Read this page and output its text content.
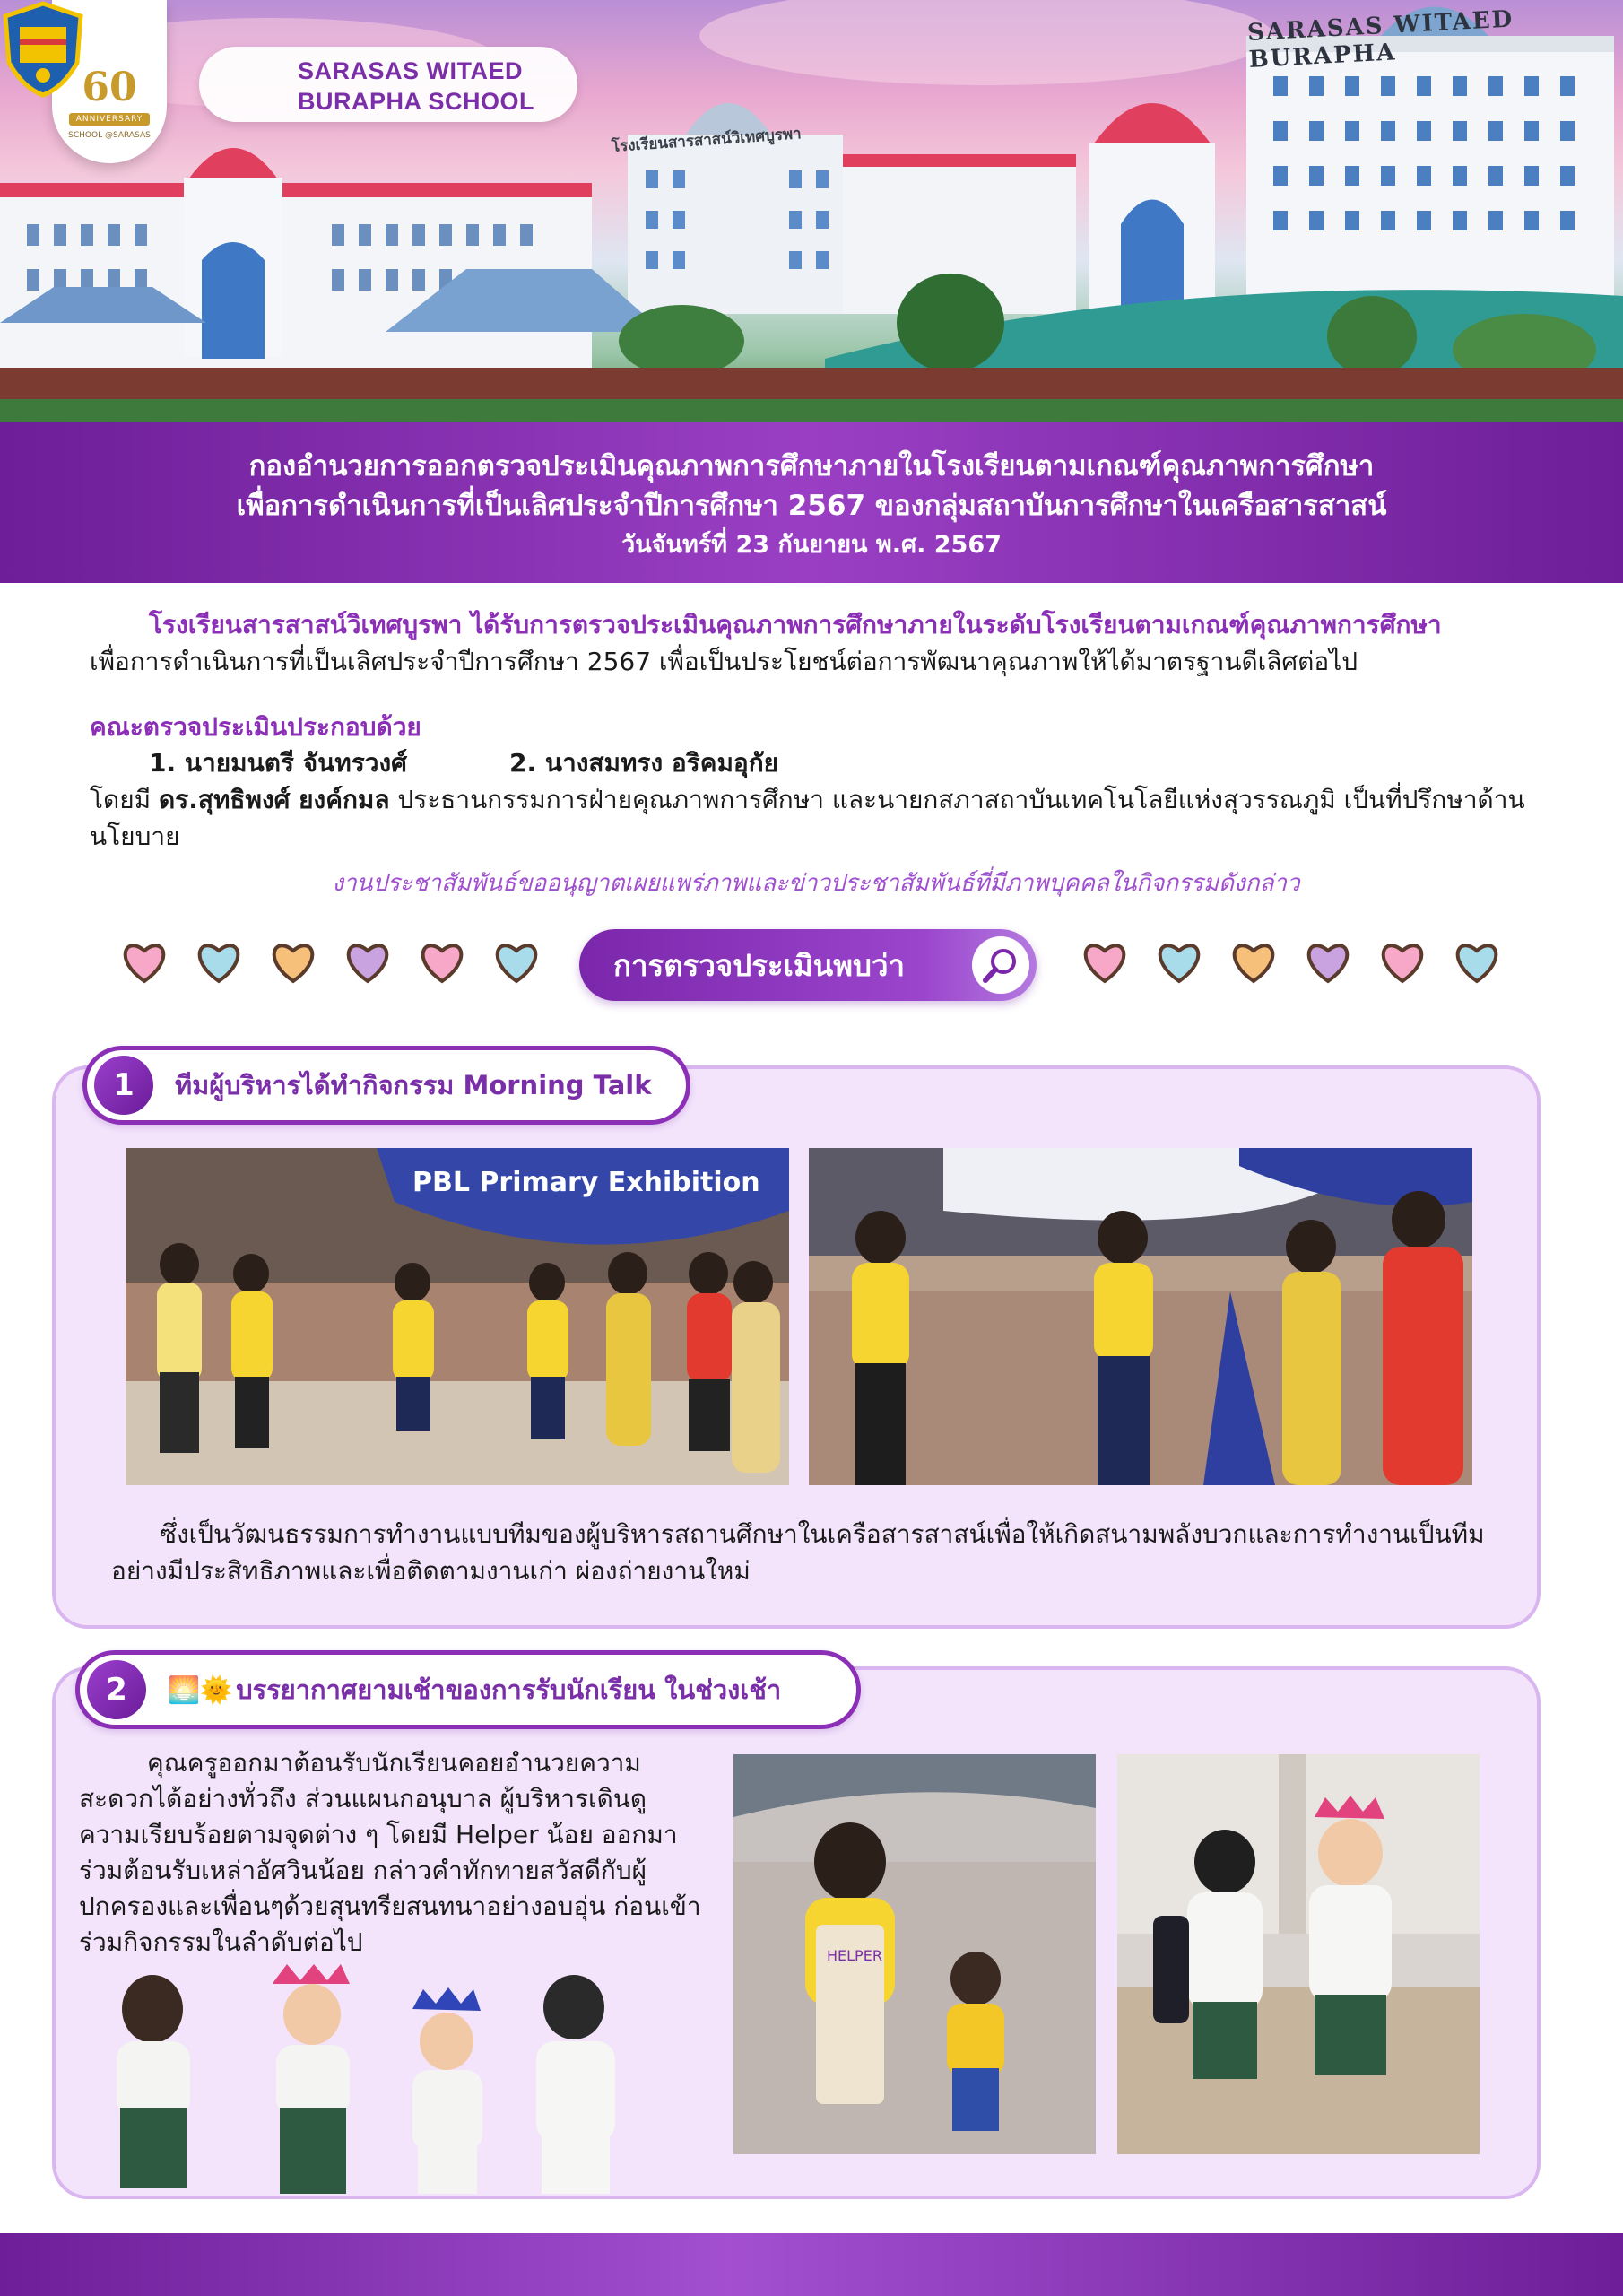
60
ANNIVERSARY
SCHOOL @SARASAS
SARASAS WITAED
BURAPHA SCHOOL
SARASAS WITAED BURAPHA
โรงเรียนสารสาสน์วิเทศบูรพา
กองอำนวยการออกตรวจประเมินคุณภาพการศึกษาภายในโรงเรียนตามเกณฑ์คุณภาพการศึกษา
เพื่อการดำเนินการที่เป็นเลิศประจำปีการศึกษา 2567 ของกลุ่มสถาบันการศึกษาในเครือสารสาสน์
วันจันทร์ที่ 23 กันยายน พ.ศ. 2567

โรงเรียนสารสาสน์วิเทศบูรพา ได้รับการตรวจประเมินคุณภาพการศึกษาภายในระดับโรงเรียนตามเกณฑ์คุณภาพการศึกษา

เพื่อการดำเนินการที่เป็นเลิศประจำปีการศึกษา 2567 เพื่อเป็นประโยชน์ต่อการพัฒนาคุณภาพให้ได้มาตรฐานดีเลิศต่อไป

คณะตรวจประเมินประกอบด้วย

1. นายมนตรี จันทรวงศ์	2. นางสมทรง อริคมอุกัย

โดยมี ดร.สุทธิพงศ์ ยงค์กมล ประธานกรรมการฝ่ายคุณภาพการศึกษา และนายกสภาสถาบันเทคโนโลยีแห่งสุวรรณภูมิ เป็นที่ปรึกษาด้านนโยบาย

งานประชาสัมพันธ์ขออนุญาตเผยแพร่ภาพและข่าวประชาสัมพันธ์ที่มีภาพบุคคลในกิจกรรมดังกล่าว

การตรวจประเมินพบว่า
1	ทีมผู้บริหารได้ทำกิจกรรม Morning Talk
PBL Primary Exhibition
ซึ่งเป็นวัฒนธรรมการทำงานแบบทีมของผู้บริหารสถานศึกษาในเครือสารสาสน์เพื่อให้เกิดสนามพลังบวกและการทำงานเป็นทีมอย่างมีประสิทธิภาพและเพื่อติดตามงานเก่า ผ่องถ่ายงานใหม่
2	🌅🌞 บรรยากาศยามเช้าของการรับนักเรียน ในช่วงเช้า
คุณครูออกมาต้อนรับนักเรียนคอยอำนวยความสะดวกได้อย่างทั่วถึง ส่วนแผนกอนุบาล ผู้บริหารเดินดูความเรียบร้อยตามจุดต่าง ๆ โดยมี Helper น้อย ออกมาร่วมต้อนรับเหล่าอัศวินน้อย กล่าวคำทักทายสวัสดีกับผู้ปกครองและเพื่อนๆด้วยสุนทรียสนทนาอย่างอบอุ่น ก่อนเข้าร่วมกิจกรรมในลำดับต่อไป	HELPER
